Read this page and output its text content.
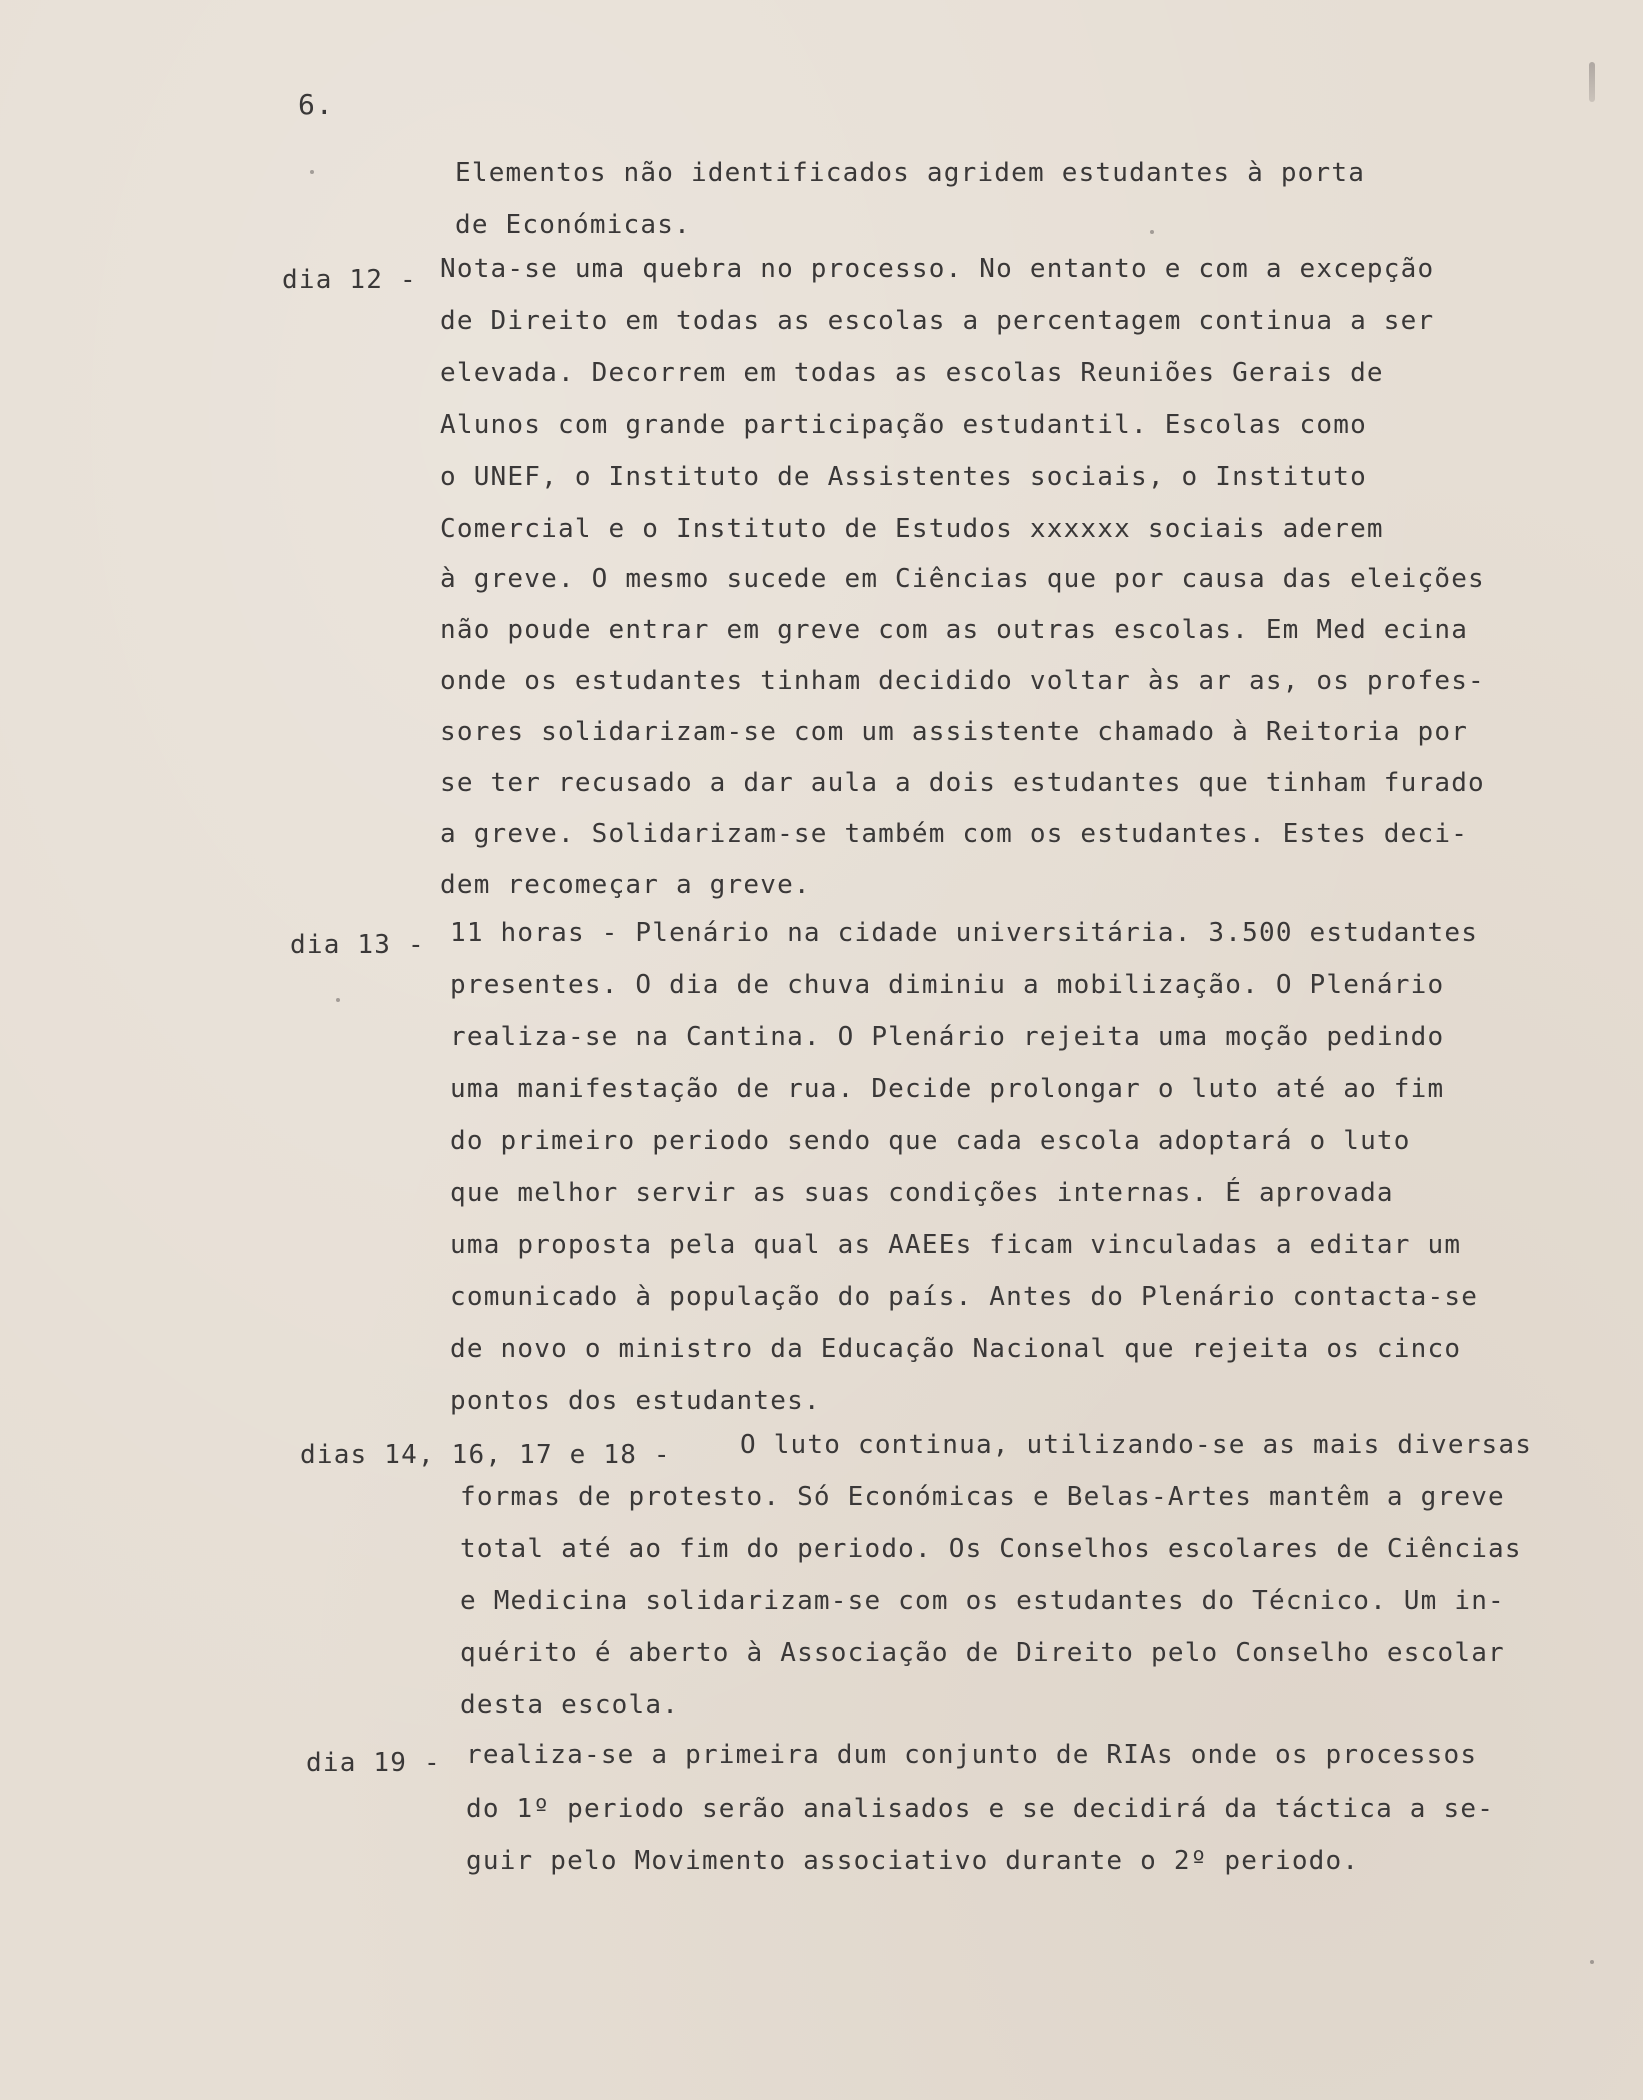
6.
Elementos não identificados agridem estudantes à porta
de Económicas.
dia 12 - Nota-se uma quebra no processo. No entanto e com a excepção
de Direito em todas as escolas a percentagem continua a ser
elevada. Decorrem em todas as escolas Reuniões Gerais de
Alunos com grande participação estudantil. Escolas como
o UNEF, o Instituto de Assistentes sociais, o Instituto
Comercial e o Instituto de Estudos xxxxxx sociais aderem
à greve. O mesmo sucede em Ciências que por causa das eleições
não poude entrar em greve com as outras escolas. Em Med ecina
onde os estudantes tinham decidido voltar às ar as, os profes-
sores solidarizam-se com um assistente chamado à Reitoria por
se ter recusado a dar aula a dois estudantes que tinham furado
a greve. Solidarizam-se também com os estudantes. Estes deci-
dem recomeçar a greve.
dia 13 - 11 horas - Plenário na cidade universitária. 3.500 estudantes
presentes. O dia de chuva diminiu a mobilização. O Plenário
realiza-se na Cantina. O Plenário rejeita uma moção pedindo
uma manifestação de rua. Decide prolongar o luto até ao fim
do primeiro periodo sendo que cada escola adoptará o luto
que melhor servir as suas condições internas. É aprovada
uma proposta pela qual as AAEEs ficam vinculadas a editar um
comunicado à população do país. Antes do Plenário contacta-se
de novo o ministro da Educação Nacional que rejeita os cinco
pontos dos estudantes.
dias 14, 16, 17 e 18 -	O luto continua, utilizando-se as mais diversas
formas de protesto. Só Económicas e Belas-Artes mantêm a greve
total até ao fim do periodo. Os Conselhos escolares de Ciências
e Medicina solidarizam-se com os estudantes do Técnico. Um in-
quérito é aberto à Associação de Direito pelo Conselho escolar
desta escola.
dia 19 - realiza-se a primeira dum conjunto de RIAs onde os processos
do 1º periodo serão analisados e se decidirá da táctica a se-
guir pelo Movimento associativo durante o 2º periodo.
